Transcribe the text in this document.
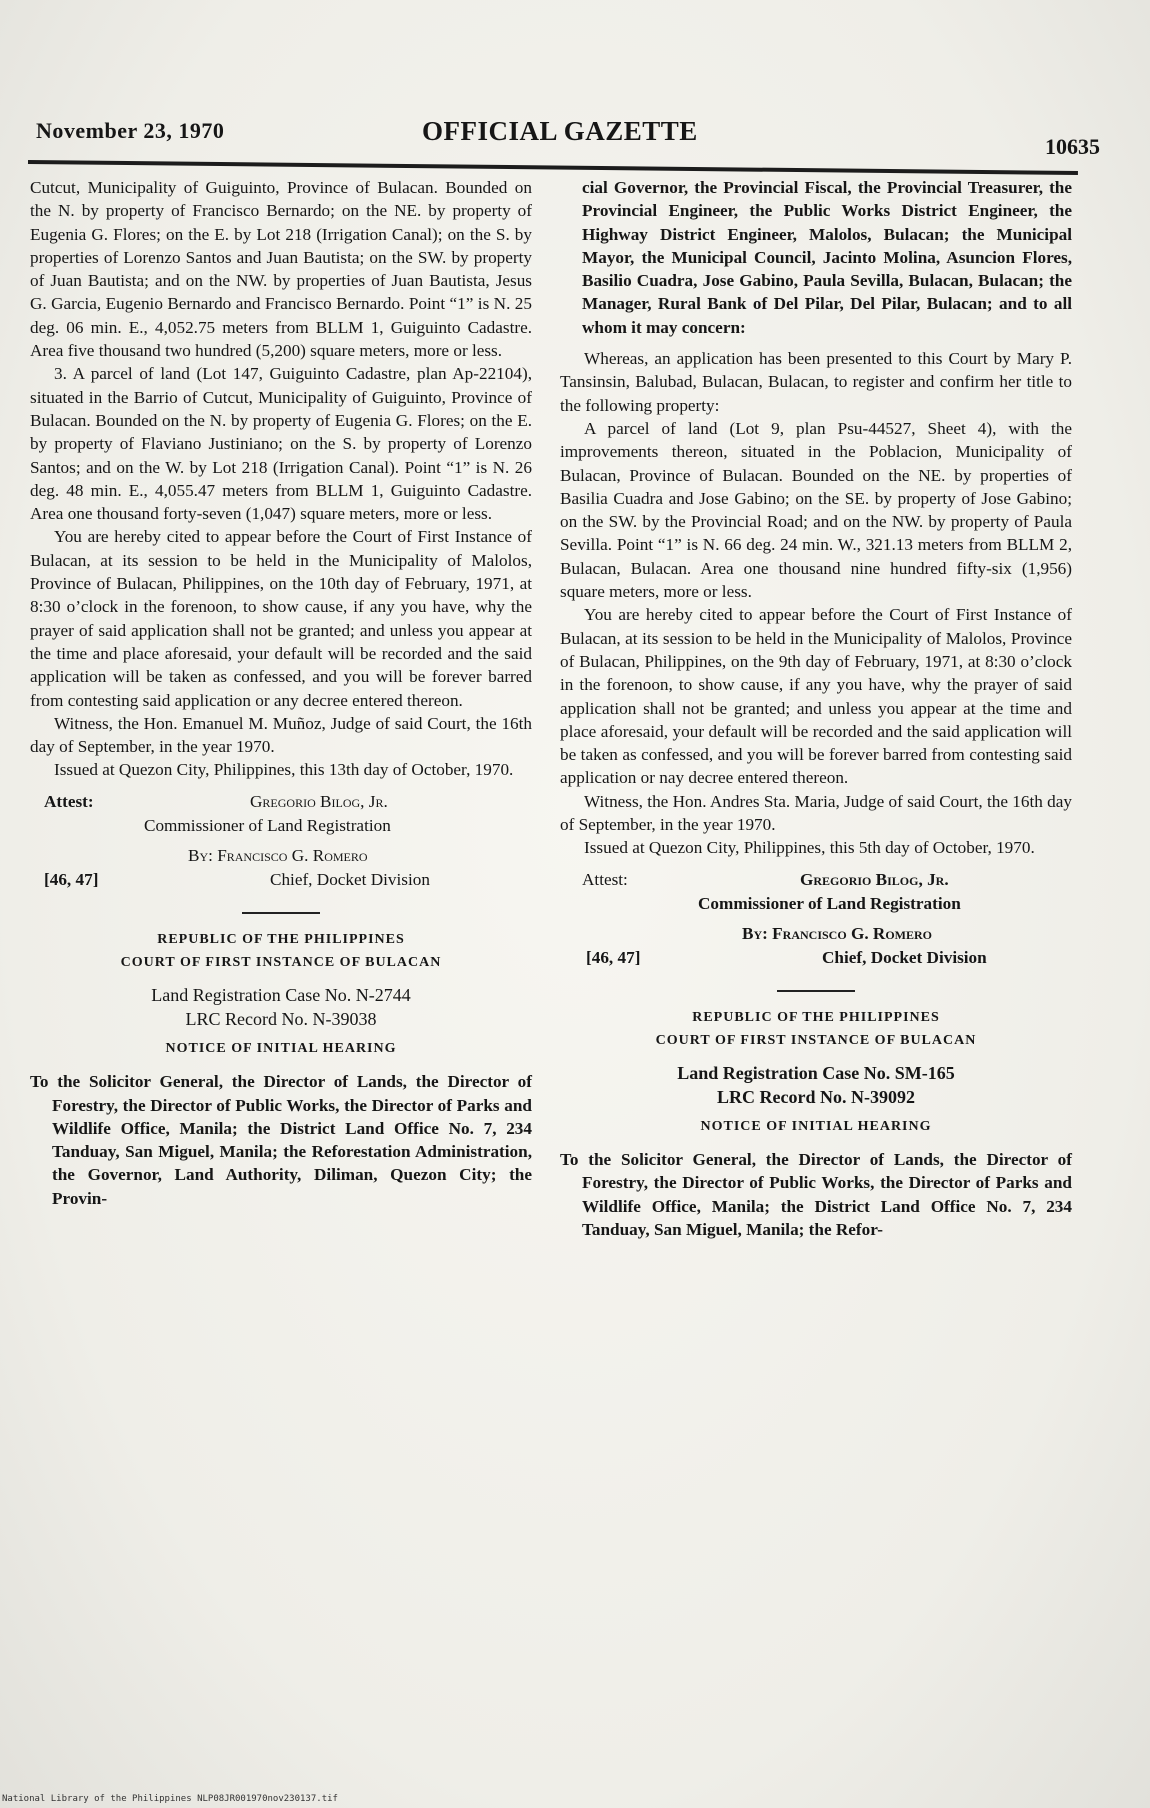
November 23, 1970	OFFICIAL GAZETTE
10635

Cutcut, Municipality of Guiguinto, Province of Bulacan. Bounded on the N. by property of Francisco Bernardo; on the NE. by property of Eugenia G. Flores; on the E. by Lot 218 (Irrigation Canal); on the S. by properties of Lorenzo Santos and Juan Bautista; on the SW. by property of Juan Bautista; and on the NW. by properties of Juan Bautista, Jesus G. Garcia, Eugenio Bernardo and Francisco Bernardo. Point “1” is N. 25 deg. 06 min. E., 4,052.75 meters from BLLM 1, Guiguinto Cadastre. Area five thousand two hundred (5,200) square meters, more or less.

3. A parcel of land (Lot 147, Guiguinto Cadastre, plan Ap-22104), situated in the Barrio of Cutcut, Municipality of Guiguinto, Province of Bulacan. Bounded on the N. by property of Eugenia G. Flores; on the E. by property of Flaviano Justiniano; on the S. by property of Lorenzo Santos; and on the W. by Lot 218 (Irrigation Canal). Point “1” is N. 26 deg. 48 min. E., 4,055.47 meters from BLLM 1, Guiguinto Cadastre. Area one thousand forty-seven (1,047) square meters, more or less.

You are hereby cited to appear before the Court of First Instance of Bulacan, at its session to be held in the Municipality of Malolos, Province of Bulacan, Philippines, on the 10th day of February, 1971, at 8:30 o’clock in the forenoon, to show cause, if any you have, why the prayer of said application shall not be granted; and unless you appear at the time and place aforesaid, your default will be recorded and the said application will be taken as confessed, and you will be forever barred from contesting said application or any decree entered thereon.

Witness, the Hon. Emanuel M. Muñoz, Judge of said Court, the 16th day of September, in the year 1970.

Issued at Quezon City, Philippines, this 13th day of October, 1970.

Attest:	Gregorio Bilog, Jr.
Commissioner of Land Registration
By: Francisco G. Romero
[46, 47]	Chief, Docket Division
REPUBLIC OF THE PHILIPPINES
COURT OF FIRST INSTANCE OF BULACAN
Land Registration Case No. N-2744
LRC Record No. N-39038
NOTICE OF INITIAL HEARING

To the Solicitor General, the Director of Lands, the Director of Forestry, the Director of Public Works, the Director of Parks and Wildlife Office, Manila; the District Land Office No. 7, 234 Tanduay, San Miguel, Manila; the Reforestation Administration, the Governor, Land Authority, Diliman, Quezon City; the Provin-

cial Governor, the Provincial Fiscal, the Provincial Treasurer, the Provincial Engineer, the Public Works District Engineer, the Highway District Engineer, Malolos, Bulacan; the Municipal Mayor, the Municipal Council, Jacinto Molina, Asuncion Flores, Basilio Cuadra, Jose Gabino, Paula Sevilla, Bulacan, Bulacan; the Manager, Rural Bank of Del Pilar, Del Pilar, Bulacan; and to all whom it may concern:

Whereas, an application has been presented to this Court by Mary P. Tansinsin, Balubad, Bulacan, Bulacan, to register and confirm her title to the following property:

A parcel of land (Lot 9, plan Psu-44527, Sheet 4), with the improvements thereon, situated in the Poblacion, Municipality of Bulacan, Province of Bulacan. Bounded on the NE. by properties of Basilia Cuadra and Jose Gabino; on the SE. by property of Jose Gabino; on the SW. by the Provincial Road; and on the NW. by property of Paula Sevilla. Point “1” is N. 66 deg. 24 min. W., 321.13 meters from BLLM 2, Bulacan, Bulacan. Area one thousand nine hundred fifty-six (1,956) square meters, more or less.

You are hereby cited to appear before the Court of First Instance of Bulacan, at its session to be held in the Municipality of Malolos, Province of Bulacan, Philippines, on the 9th day of February, 1971, at 8:30 o’clock in the forenoon, to show cause, if any you have, why the prayer of said application shall not be granted; and unless you appear at the time and place aforesaid, your default will be recorded and the said application will be taken as confessed, and you will be forever barred from contesting said application or nay decree entered thereon.

Witness, the Hon. Andres Sta. Maria, Judge of said Court, the 16th day of September, in the year 1970.

Issued at Quezon City, Philippines, this 5th day of October, 1970.

Attest:	Gregorio Bilog, Jr.
Commissioner of Land Registration
By: Francisco G. Romero
[46, 47]	Chief, Docket Division
REPUBLIC OF THE PHILIPPINES
COURT OF FIRST INSTANCE OF BULACAN
Land Registration Case No. SM-165
LRC Record No. N-39092
NOTICE OF INITIAL HEARING

To the Solicitor General, the Director of Lands, the Director of Forestry, the Director of Public Works, the Director of Parks and Wildlife Office, Manila; the District Land Office No. 7, 234 Tanduay, San Miguel, Manila; the Refor-

National Library of the Philippines NLP08JR001970nov230137.tif
